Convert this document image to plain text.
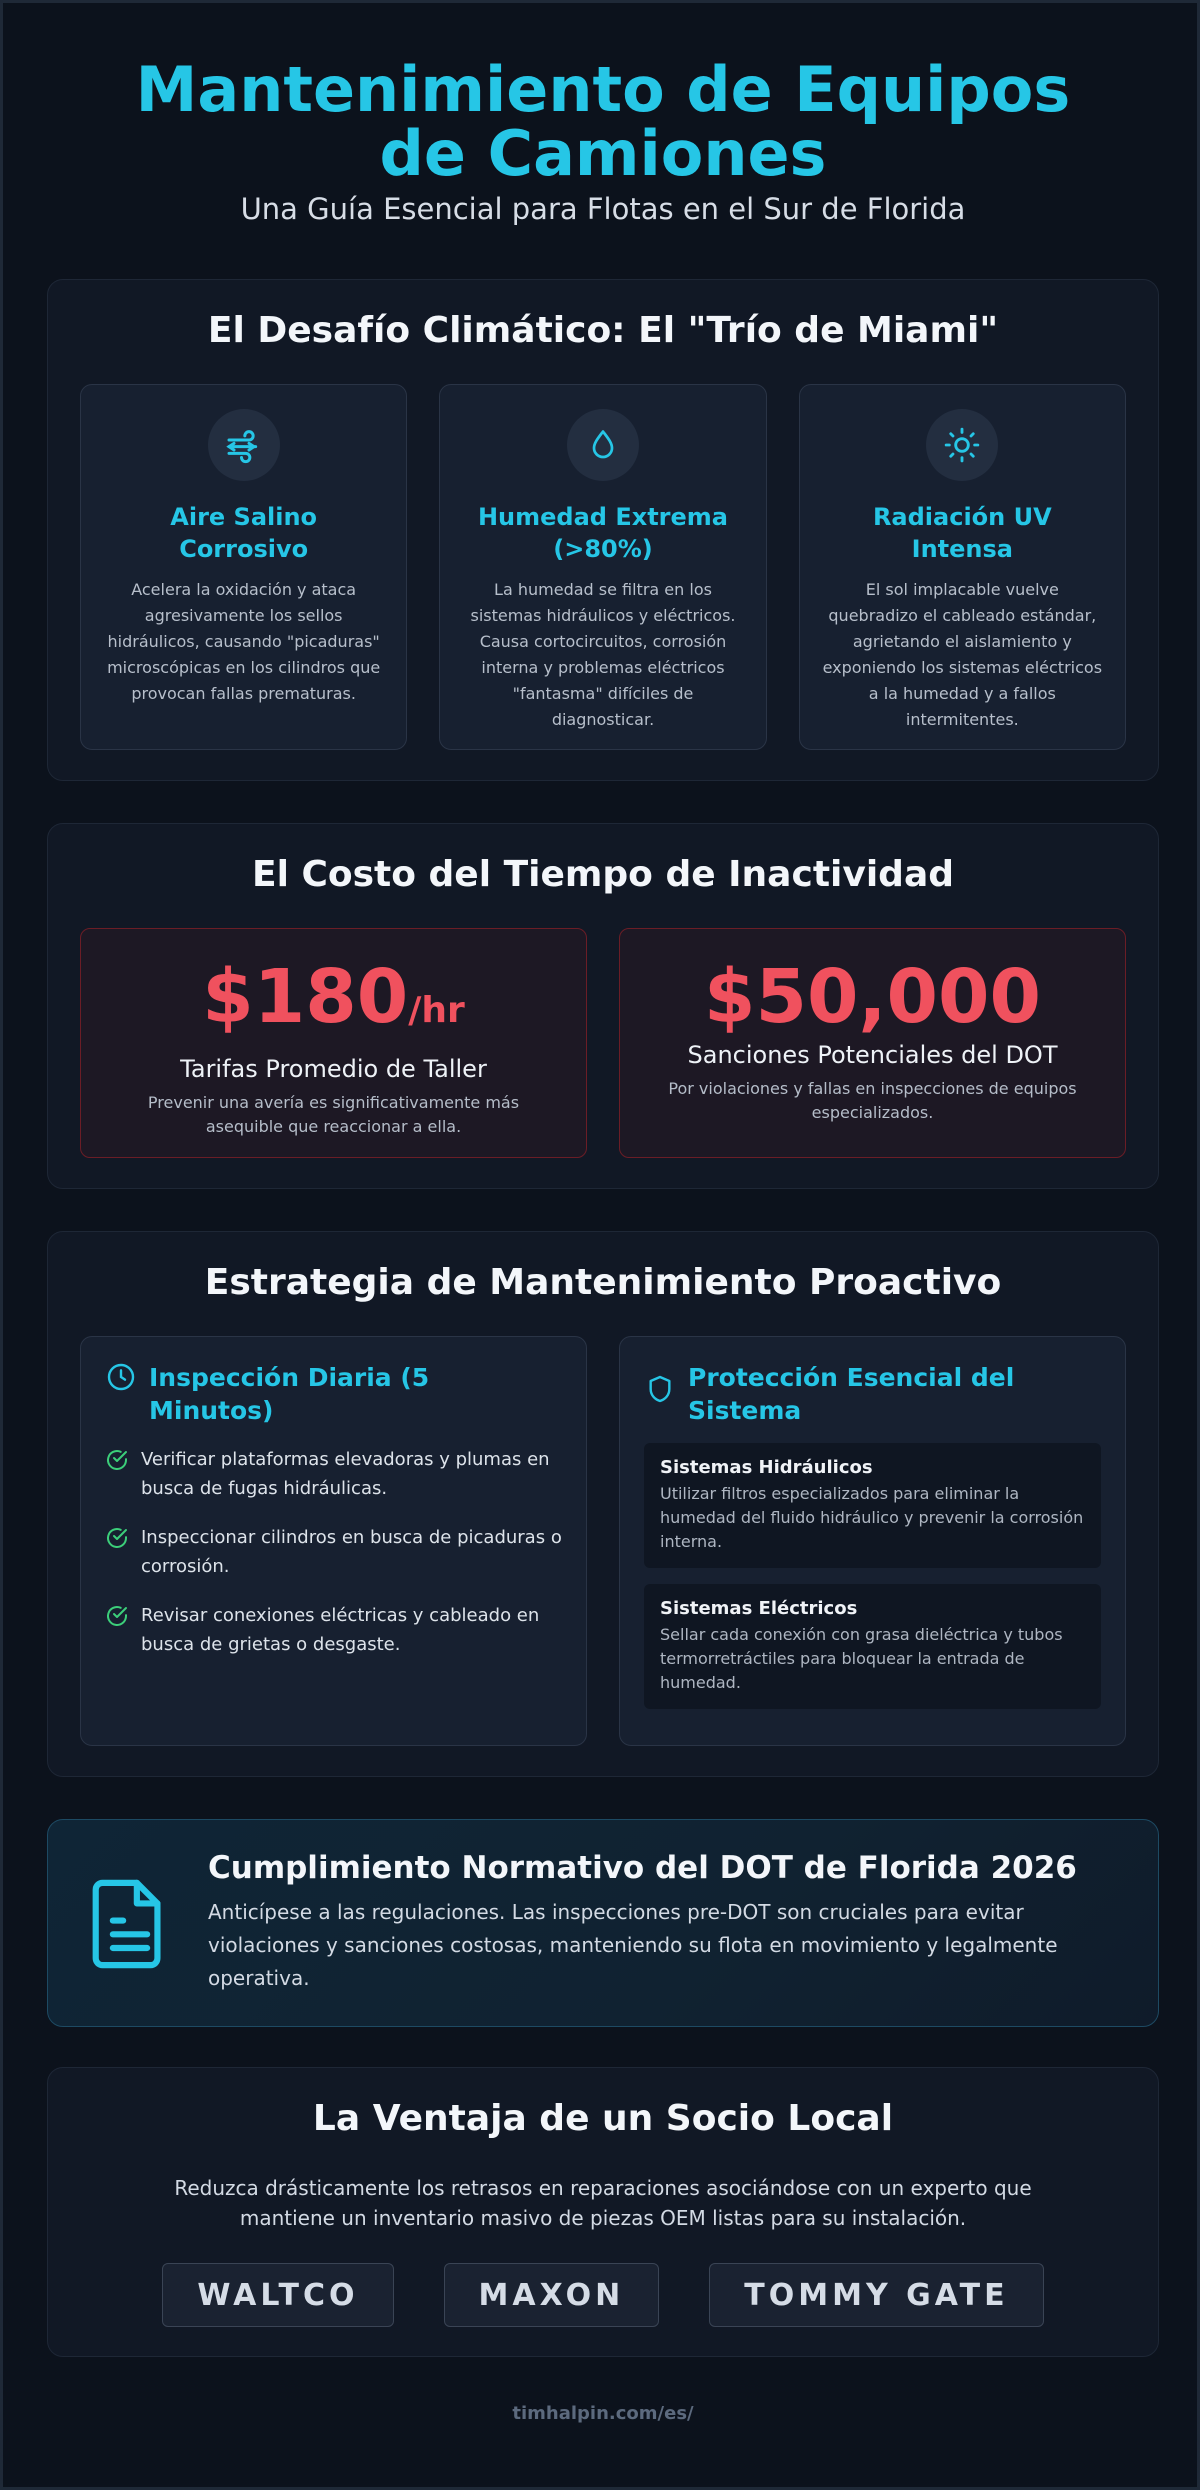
Mantenimiento de Equipos de Camiones
Una Guía Esencial para Flotas en el Sur de Florida
El Desafío Climático: El "Trío de Miami"
Aire Salino Corrosivo

Acelera la oxidación y ataca agresivamente los sellos hidráulicos, causando "picaduras" microscópicas en los cilindros que provocan fallas prematuras.

Humedad Extrema (>80%)

La humedad se filtra en los sistemas hidráulicos y eléctricos. Causa cortocircuitos, corrosión interna y problemas eléctricos "fantasma" difíciles de diagnosticar.

Radiación UV Intensa

El sol implacable vuelve quebradizo el cableado estándar, agrietando el aislamiento y exponiendo los sistemas eléctricos a la humedad y a fallos intermitentes.

El Costo del Tiempo de Inactividad
$180/hr
Tarifas Promedio de Taller
Prevenir una avería es significativamente más asequible que reaccionar a ella.
$50,000
Sanciones Potenciales del DOT
Por violaciones y fallas en inspecciones de equipos especializados.
Estrategia de Mantenimiento Proactivo
Inspección Diaria (5 Minutos)
Verificar plataformas elevadoras y plumas en busca de fugas hidráulicas.
Inspeccionar cilindros en busca de picaduras o corrosión.
Revisar conexiones eléctricas y cableado en busca de grietas o desgaste.
Protección Esencial del Sistema
Sistemas Hidráulicos

Utilizar filtros especializados para eliminar la humedad del fluido hidráulico y prevenir la corrosión interna.

Sistemas Eléctricos

Sellar cada conexión con grasa dieléctrica y tubos termorretráctiles para bloquear la entrada de humedad.

Cumplimiento Normativo del DOT de Florida 2026

Anticípese a las regulaciones. Las inspecciones pre-DOT son cruciales para evitar violaciones y sanciones costosas, manteniendo su flota en movimiento y legalmente operativa.

La Ventaja de un Socio Local

Reduzca drásticamente los retrasos en reparaciones asociándose con un experto que mantiene un inventario masivo de piezas OEM listas para su instalación.

WALTCO	MAXON	TOMMY GATE
timhalpin.com/es/
